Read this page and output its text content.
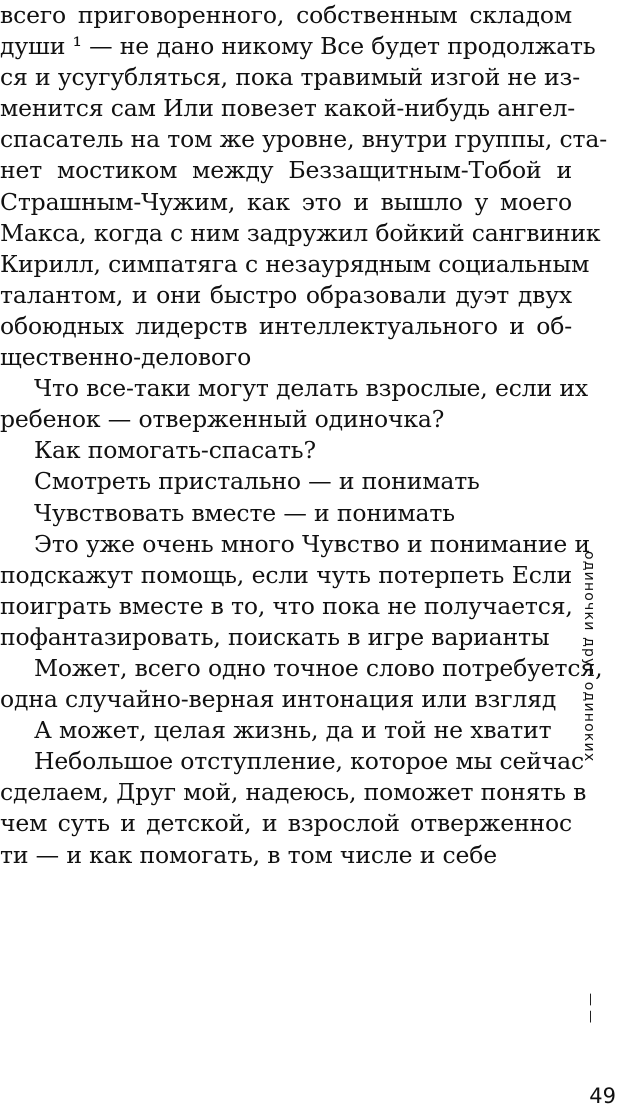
всего приговоренного, собственным складом
души ¹ — не дано никому Все будет продолжать
ся и усугубляться, пока травимый изгой не из-
менится сам Или повезет какой-нибудь ангел-
спасатель на том же уровне, внутри группы, ста-
нет мостиком между Беззащитным-Тобой и
Страшным-Чужим, как это и вышло у моего
Макса, когда с ним задружил бойкий сангвиник
Кирилл, симпатяга с незаурядным социальным
талантом, и они быстро образовали дуэт двух
обоюдных лидерств интеллектуального и об-
щественно-делового
Что все-таки могут делать взрослые, если их
ребенок — отверженный одиночка?
Как помогать-спасать?
Смотреть пристально — и понимать
Чувствовать вместе — и понимать
Это уже очень много Чувство и понимание и
подскажут помощь, если чуть потерпеть Если
поиграть вместе в то, что пока не получается,
пофантазировать, поискать в игре варианты
Может, всего одно точное слово потребуется,
одна случайно-верная интонация или взгляд
А может, целая жизнь, да и той не хватит
Небольшое отступление, которое мы сейчас
сделаем, Друг мой, надеюсь, поможет понять в
чем суть и детской, и взрослой отверженнос
ти — и как помогать, в том числе и себе
одиночки друг одиноких
— —
49
